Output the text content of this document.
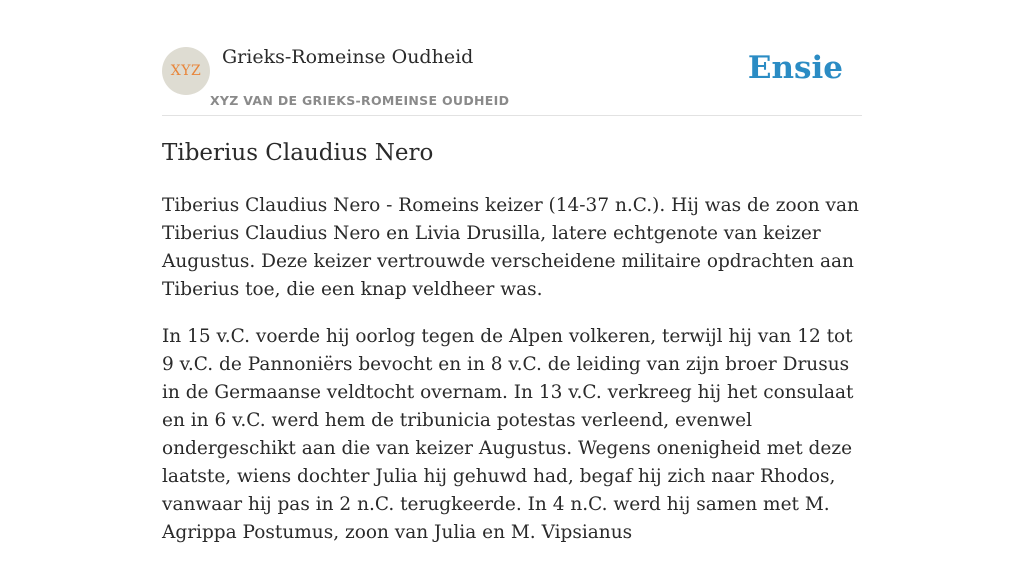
XYZ
Grieks-Romeinse Oudheid
XYZ VAN DE GRIEKS-ROMEINSE OUDHEID
Ensie
Tiberius Claudius Nero

Tiberius Claudius Nero - Romeins keizer (14-37 n.C.). Hij was de zoon van Tiberius Claudius Nero en Livia Drusilla, latere echtgenote van keizer Augustus. Deze keizer vertrouwde verscheidene militaire opdrachten aan Tiberius toe, die een knap veldheer was.

In 15 v.C. voerde hij oorlog tegen de Alpen volkeren, terwijl hij van 12 tot 9 v.C. de Pannoniërs bevocht en in 8 v.C. de leiding van zijn broer Drusus in de Germaanse veldtocht overnam. In 13 v.C. verkreeg hij het consulaat en in 6 v.C. werd hem de tribunicia potestas verleend, evenwel ondergeschikt aan die van keizer Augustus. Wegens onenigheid met deze laatste, wiens dochter Julia hij gehuwd had, begaf hij zich naar Rhodos, vanwaar hij pas in 2 n.C. terugkeerde. In 4 n.C. werd hij samen met M. Agrippa Postumus, zoon van Julia en M. Vipsianus
